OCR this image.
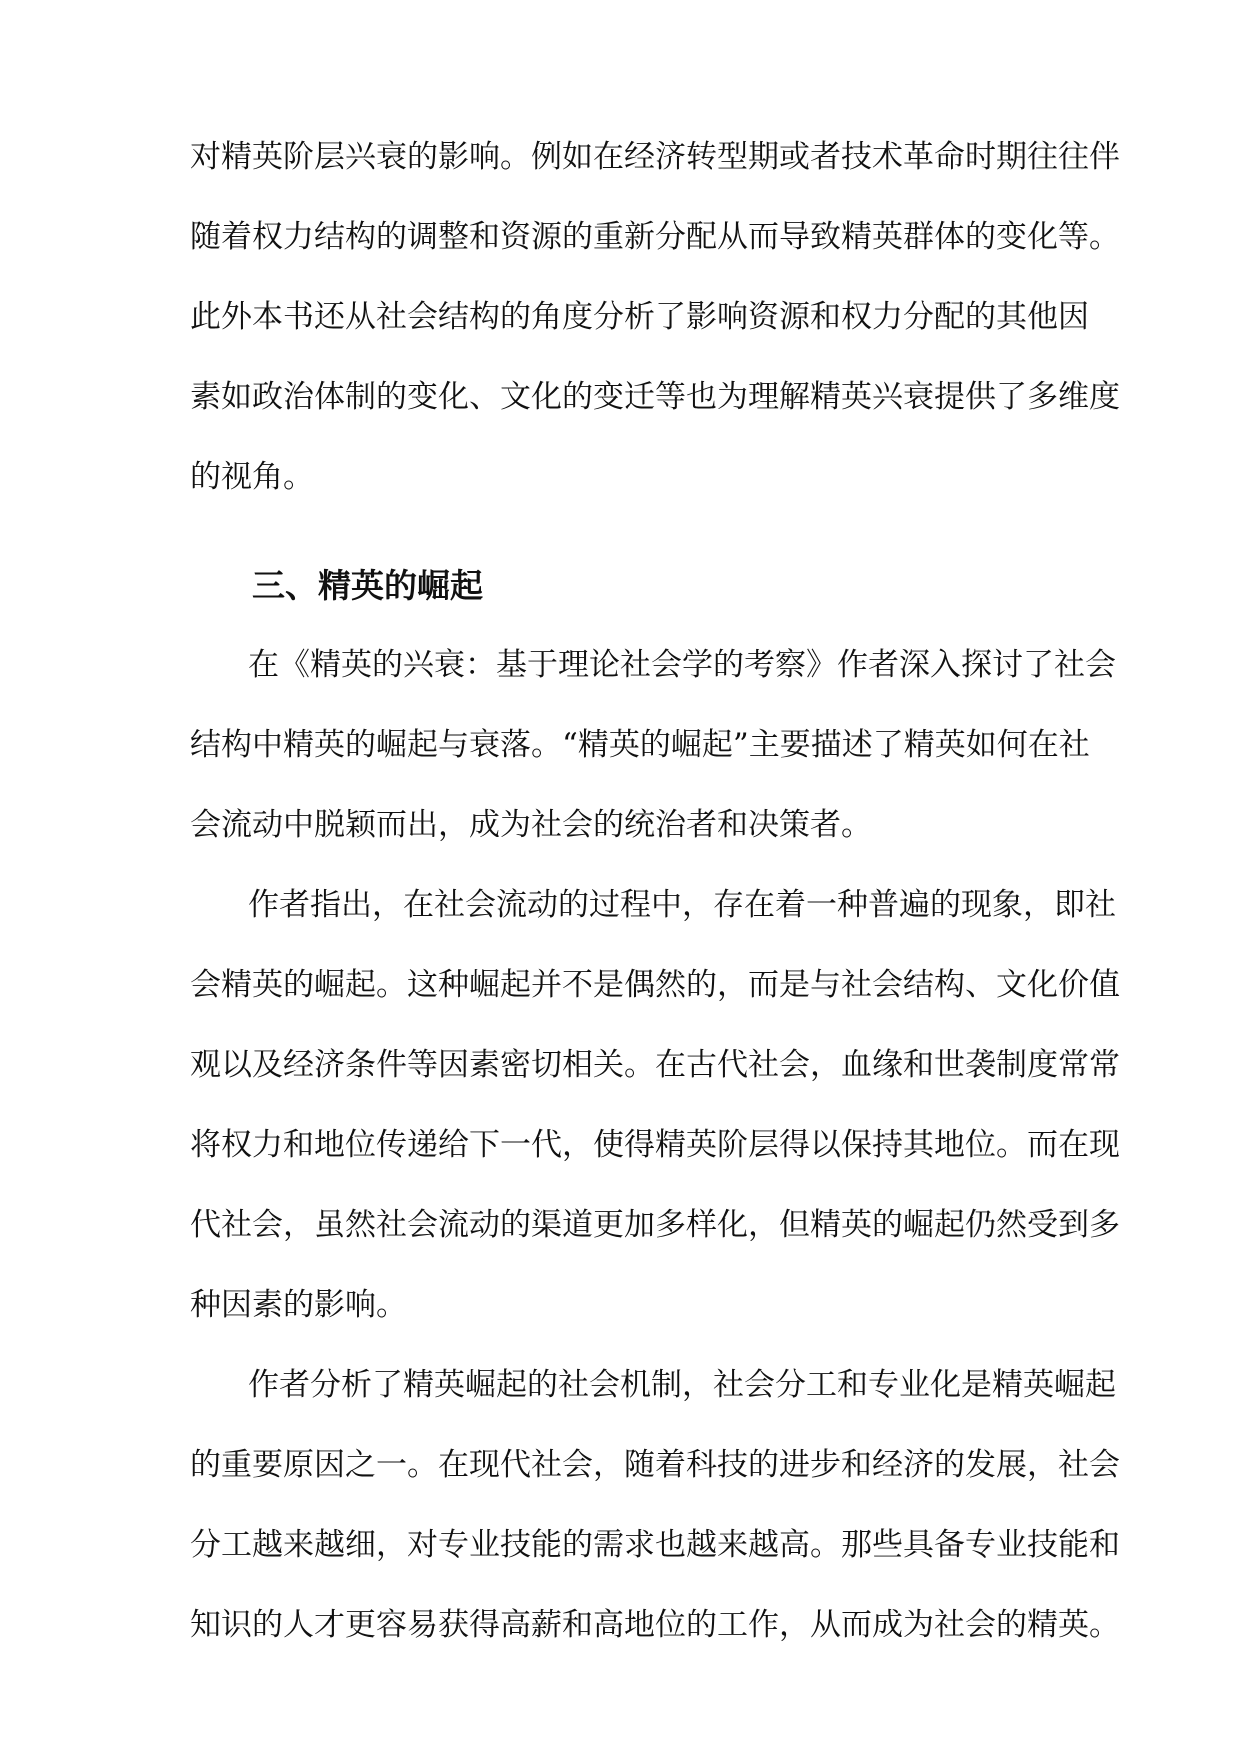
对精英阶层兴衰的影响。例如在经济转型期或者技术革命时期往往伴
随着权力结构的调整和资源的重新分配从而导致精英群体的变化等。
此外本书还从社会结构的角度分析了影响资源和权力分配的其他因
素如政治体制的变化、文化的变迁等也为理解精英兴衰提供了多维度
的视角。
三、精英的崛起
在《精英的兴衰：基于理论社会学的考察》作者深入探讨了社会
结构中精英的崛起与衰落。“精英的崛起”主要描述了精英如何在社
会流动中脱颖而出，成为社会的统治者和决策者。
作者指出，在社会流动的过程中，存在着一种普遍的现象，即社
会精英的崛起。这种崛起并不是偶然的，而是与社会结构、文化价值
观以及经济条件等因素密切相关。在古代社会，血缘和世袭制度常常
将权力和地位传递给下一代，使得精英阶层得以保持其地位。而在现
代社会，虽然社会流动的渠道更加多样化，但精英的崛起仍然受到多
种因素的影响。
作者分析了精英崛起的社会机制，社会分工和专业化是精英崛起
的重要原因之一。在现代社会，随着科技的进步和经济的发展，社会
分工越来越细，对专业技能的需求也越来越高。那些具备专业技能和
知识的人才更容易获得高薪和高地位的工作，从而成为社会的精英。
